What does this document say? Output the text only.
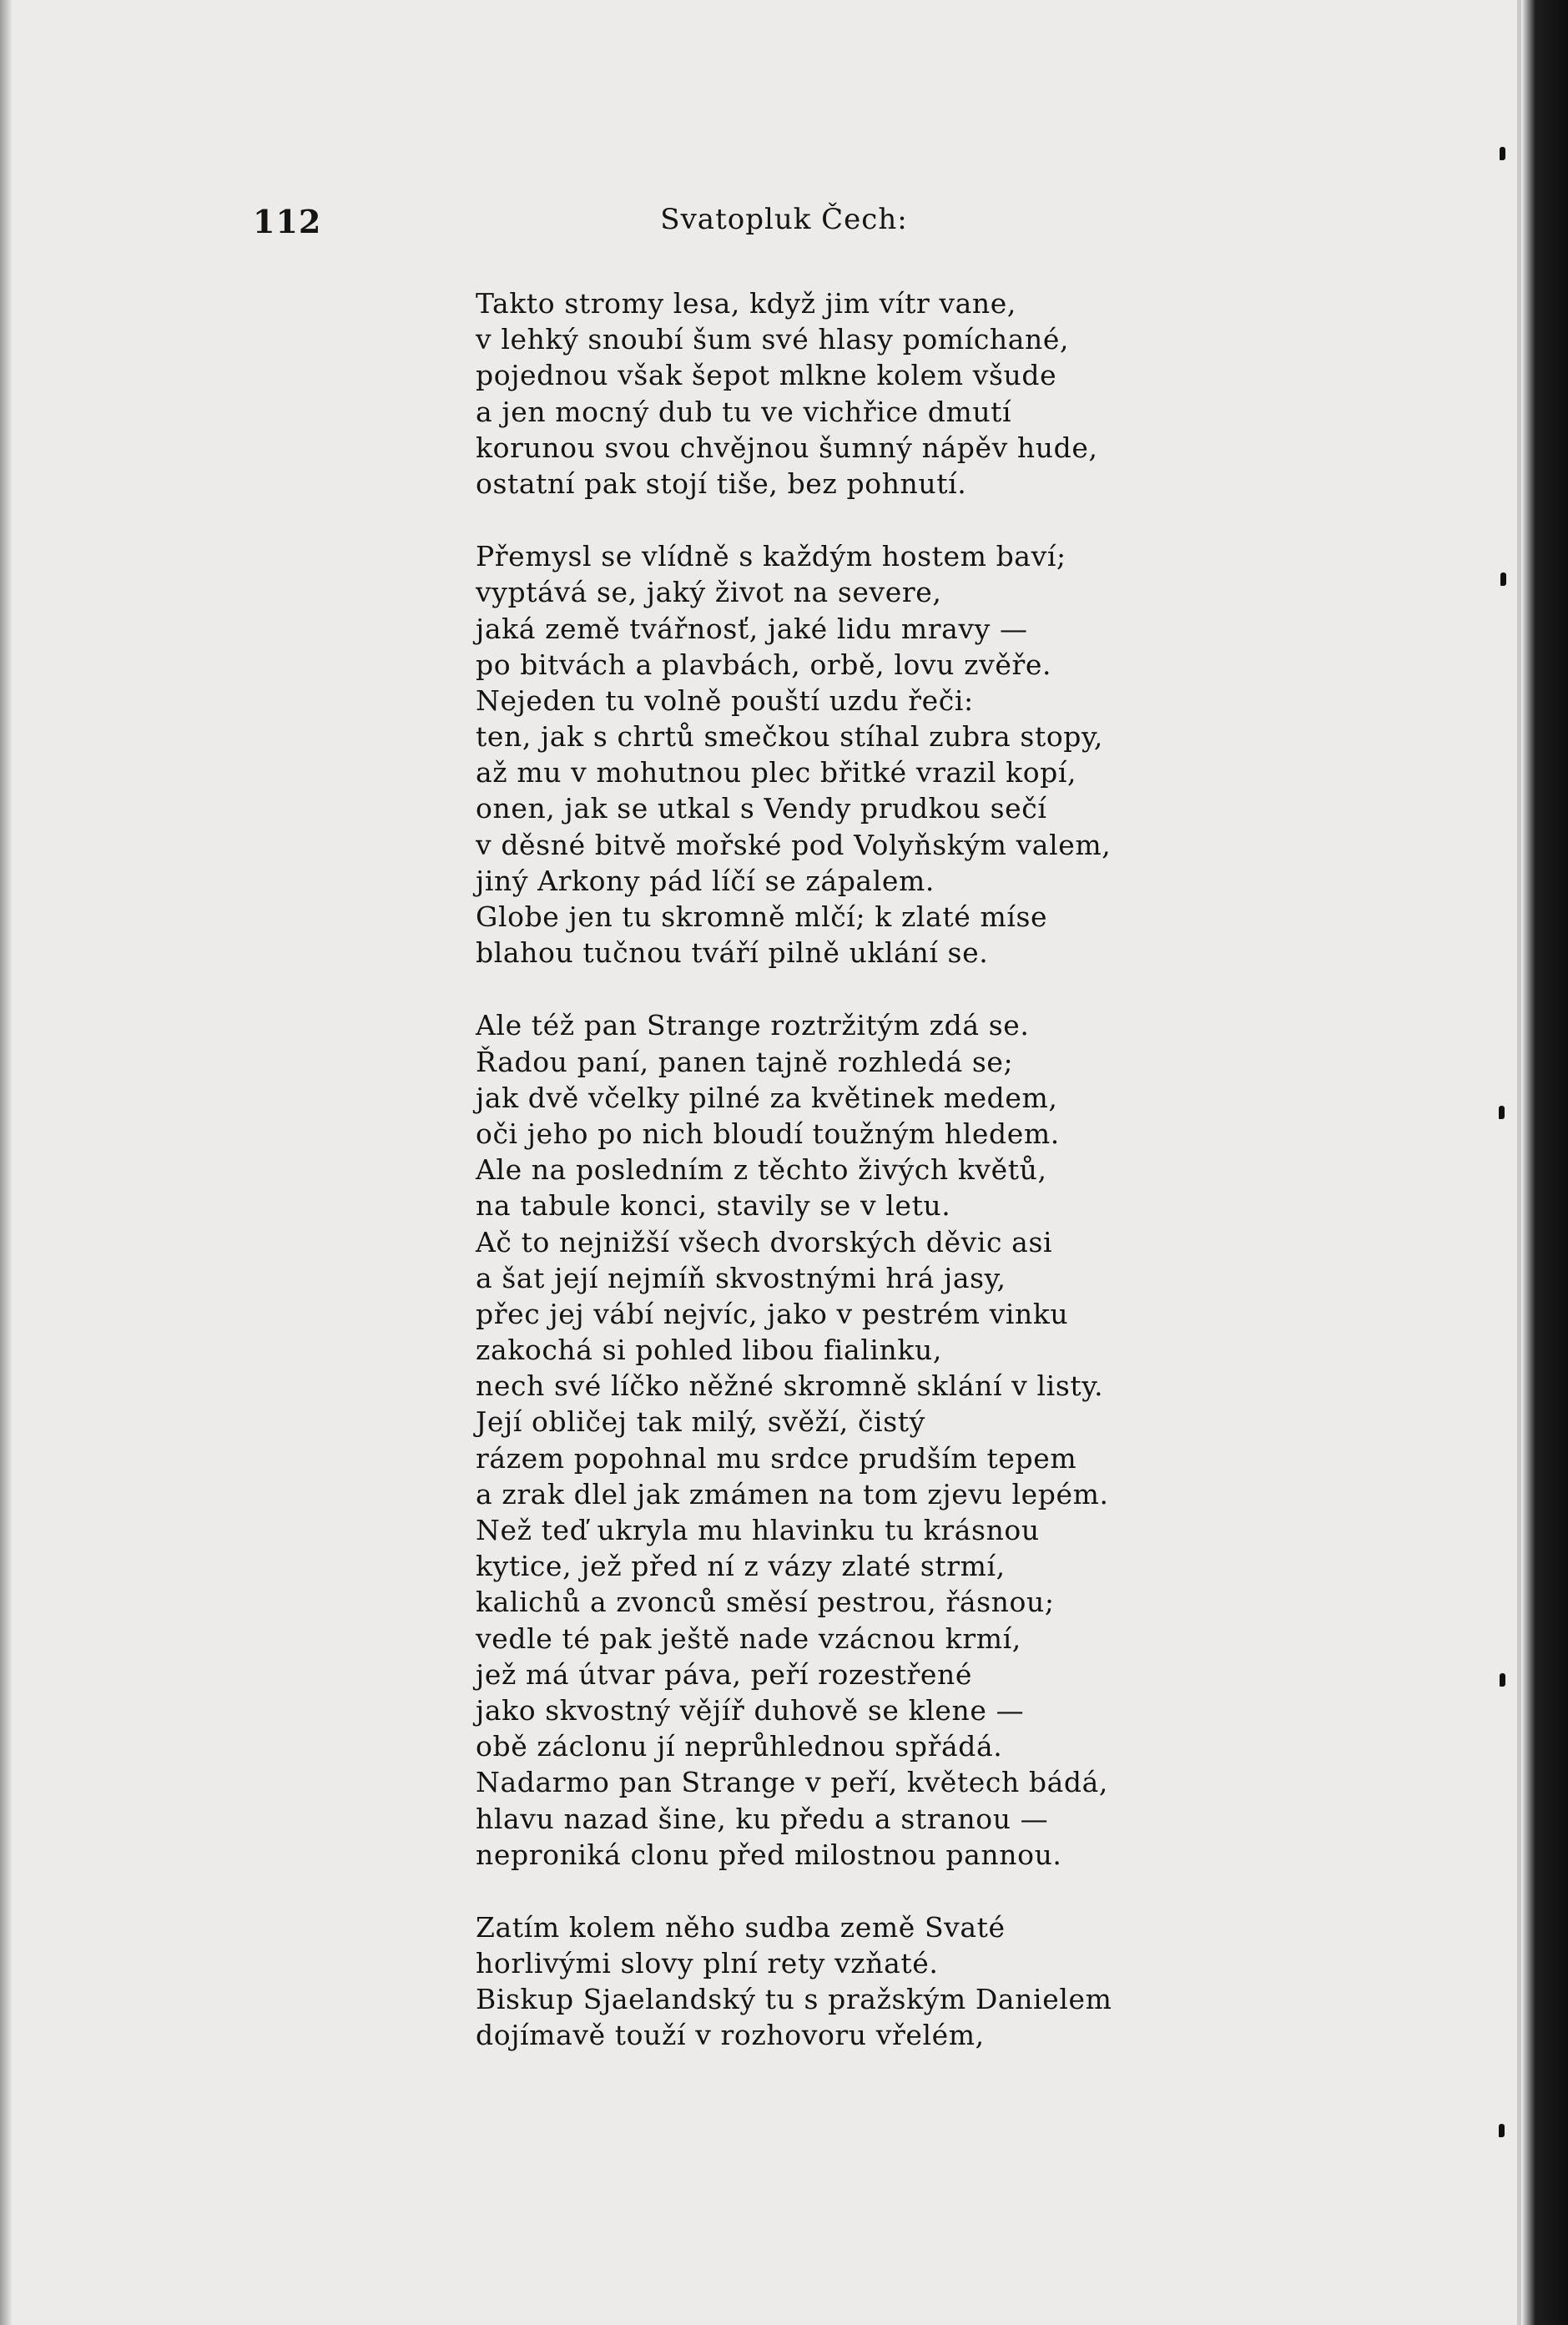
112	Svatopluk Čech:
Takto stromy lesa, když jim vítr vane,
v lehký snoubí šum své hlasy pomíchané,
pojednou však šepot mlkne kolem všude
a jen mocný dub tu ve vichřice dmutí
korunou svou chvějnou šumný nápěv hude,
ostatní pak stojí tiše, bez pohnutí.
Přemysl se vlídně s každým hostem baví;
vyptává se, jaký život na severe,
jaká země tvářnosť, jaké lidu mravy —
po bitvách a plavbách, orbě, lovu zvěře.
Nejeden tu volně pouští uzdu řeči:
ten, jak s chrtů smečkou stíhal zubra stopy,
až mu v mohutnou plec břitké vrazil kopí,
onen, jak se utkal s Vendy prudkou sečí
v děsné bitvě mořské pod Volyňským valem,
jiný Arkony pád líčí se zápalem.
Globe jen tu skromně mlčí; k zlaté míse
blahou tučnou tváří pilně uklání se.
Ale též pan Strange roztržitým zdá se.
Řadou paní, panen tajně rozhledá se;
jak dvě včelky pilné za květinek medem,
oči jeho po nich bloudí toužným hledem.
Ale na posledním z těchto živých květů,
na tabule konci, stavily se v letu.
Ač to nejnižší všech dvorských děvic asi
a šat její nejmíň skvostnými hrá jasy,
přec jej vábí nejvíc, jako v pestrém vinku
zakochá si pohled libou fialinku,
nech své líčko něžné skromně sklání v listy.
Její obličej tak milý, svěží, čistý
rázem popohnal mu srdce prudším tepem
a zrak dlel jak zmámen na tom zjevu lepém.
Než teď ukryla mu hlavinku tu krásnou
kytice, jež před ní z vázy zlaté strmí,
kalichů a zvonců směsí pestrou, řásnou;
vedle té pak ještě nade vzácnou krmí,
jež má útvar páva, peří rozestřené
jako skvostný vějíř duhově se klene —
obě záclonu jí neprůhlednou spřádá.
Nadarmo pan Strange v peří, květech bádá,
hlavu nazad šine, ku předu a stranou —
neproniká clonu před milostnou pannou.
Zatím kolem něho sudba země Svaté
horlivými slovy plní rety vzňaté.
Biskup Sjaelandský tu s pražským Danielem
dojímavě touží v rozhovoru vřelém,
